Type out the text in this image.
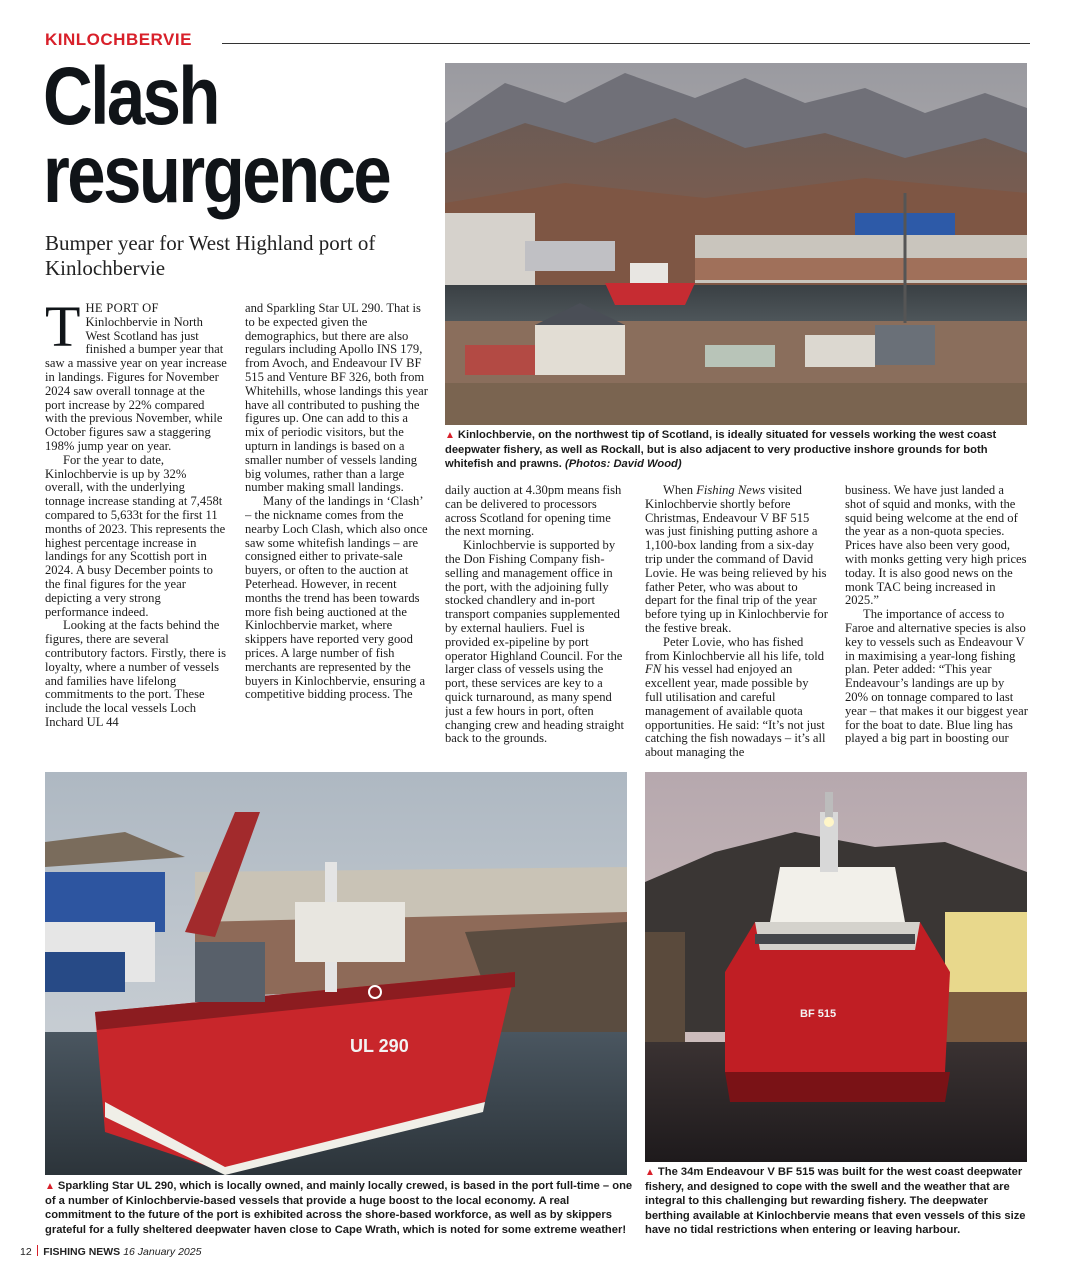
KINLOCHBERVIE
Clash
resurgence

Bumper year for West Highland port of Kinlochbervie

THE PORT OF Kinlochbervie in North West Scotland has just finished a bumper year that saw a massive year on year increase in landings. Figures for November 2024 saw overall tonnage at the port increase by 22% compared with the previous November, while October figures saw a staggering 198% jump year on year.

For the year to date, Kinlochbervie is up by 32% overall, with the underlying tonnage increase standing at 7,458t compared to 5,633t for the first 11 months of 2023. This represents the highest percentage increase in landings for any Scottish port in 2024. A busy December points to the final figures for the year depicting a very strong performance indeed.

Looking at the facts behind the figures, there are several contributory factors. Firstly, there is loyalty, where a number of vessels and families have lifelong commitments to the port. These include the local vessels Loch Inchard UL 44

and Sparkling Star UL 290. That is to be expected given the demographics, but there are also regulars including Apollo INS 179, from Avoch, and Endeavour IV BF 515 and Venture BF 326, both from Whitehills, whose landings this year have all contributed to pushing the figures up. One can add to this a mix of periodic visitors, but the upturn in landings is based on a smaller number of vessels landing big volumes, rather than a large number making small landings.

Many of the landings in ‘Clash’ – the nickname comes from the nearby Loch Clash, which also once saw some whitefish landings – are consigned either to private-sale buyers, or often to the auction at Peterhead. However, in recent months the trend has been towards more fish being auctioned at the Kinlochbervie market, where skippers have reported very good prices. A large number of fish merchants are represented by the buyers in Kinlochbervie, ensuring a competitive bidding process. The

▲ Kinlochbervie, on the northwest tip of Scotland, is ideally situated for vessels working the west coast deepwater fishery, as well as Rockall, but is also adjacent to very productive inshore grounds for both whitefish and prawns. (Photos: David Wood)

daily auction at 4.30pm means fish can be delivered to processors across Scotland for opening time the next morning.

Kinlochbervie is supported by the Don Fishing Company fish-selling and management office in the port, with the adjoining fully stocked chandlery and in-port transport companies supplemented by external hauliers. Fuel is provided ex-pipeline by port operator Highland Council. For the larger class of vessels using the port, these services are key to a quick turnaround, as many spend just a few hours in port, often changing crew and heading straight back to the grounds.

When Fishing News visited Kinlochbervie shortly before Christmas, Endeavour V BF 515 was just finishing putting ashore a 1,100-box landing from a six-day trip under the command of David Lovie. He was being relieved by his father Peter, who was about to depart for the final trip of the year before tying up in Kinlochbervie for the festive break.

Peter Lovie, who has fished from Kinlochbervie all his life, told FN his vessel had enjoyed an excellent year, made possible by full utilisation and careful management of available quota opportunities. He said: “It’s not just catching the fish nowadays – it’s all about managing the

business. We have just landed a shot of squid and monks, with the squid being welcome at the end of the year as a non-quota species. Prices have also been very good, with monks getting very high prices today. It is also good news on the monk TAC being increased in 2025.”

The importance of access to Faroe and alternative species is also key to vessels such as Endeavour V in maximising a year-long fishing plan. Peter added: “This year Endeavour’s landings are up by 20% on tonnage compared to last year – that makes it our biggest year for the boat to date. Blue ling has played a big part in boosting our

UL 290

▲ Sparkling Star UL 290, which is locally owned, and mainly locally crewed, is based in the port full-time – one of a number of Kinlochbervie-based vessels that provide a huge boost to the local economy. A real commitment to the future of the port is exhibited across the shore-based workforce, as well as by skippers grateful for a fully sheltered deepwater haven close to Cape Wrath, which is noted for some extreme weather!

BF 515

▲ The 34m Endeavour V BF 515 was built for the west coast deepwater fishery, and designed to cope with the swell and the weather that are integral to this challenging but rewarding fishery. The deepwater berthing available at Kinlochbervie means that even vessels of this size have no tidal restrictions when entering or leaving harbour.

12 FISHING NEWS 16 January 2025
